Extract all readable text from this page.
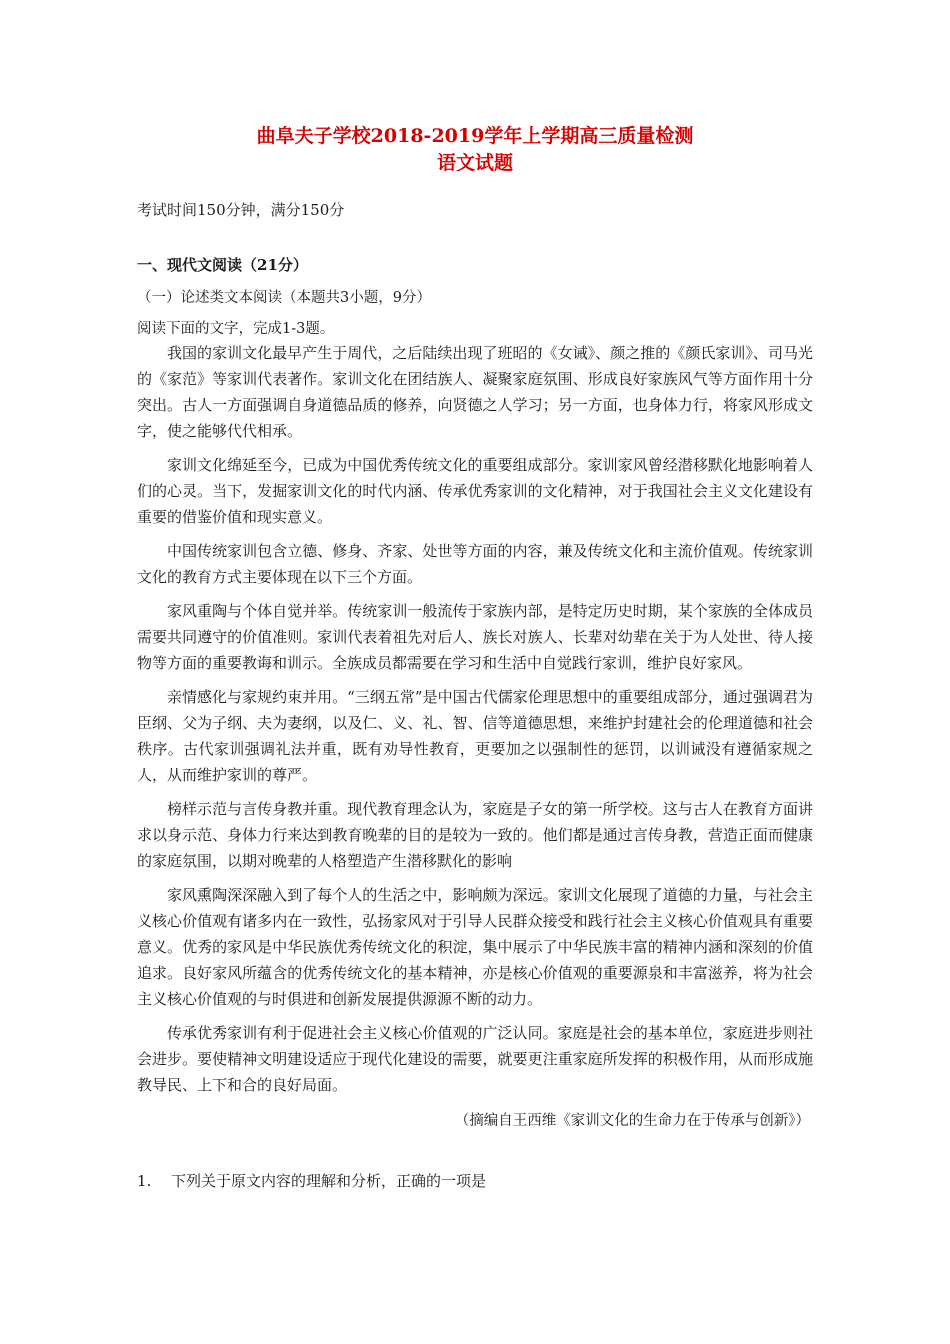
曲阜夫子学校2018-2019学年上学期高三质量检测
语文试题
考试时间150分钟，满分150分
一、现代文阅读（21分）
（一）论述类文本阅读（本题共3小题，9分）
阅读下面的文字，完成1-3题。

我国的家训文化最早产生于周代，之后陆续出现了班昭的《女诫》、颜之推的《颜氏家训》、司马光的《家范》等家训代表著作。家训文化在团结族人、凝聚家庭氛围、形成良好家族风气等方面作用十分突出。古人一方面强调自身道德品质的修养，向贤德之人学习；另一方面，也身体力行，将家风形成文字，使之能够代代相承。

家训文化绵延至今，已成为中国优秀传统文化的重要组成部分。家训家风曾经潜移默化地影响着人们的心灵。当下，发掘家训文化的时代内涵、传承优秀家训的文化精神，对于我国社会主义文化建设有重要的借鉴价值和现实意义。

中国传统家训包含立德、修身、齐家、处世等方面的内容，兼及传统文化和主流价值观。传统家训文化的教育方式主要体现在以下三个方面。

家风重陶与个体自觉并举。传统家训一般流传于家族内部，是特定历史时期，某个家族的全体成员需要共同遵守的价值准则。家训代表着祖先对后人、族长对族人、长辈对幼辈在关于为人处世、待人接物等方面的重要教诲和训示。全族成员都需要在学习和生活中自觉践行家训，维护良好家风。

亲情感化与家规约束并用。“三纲五常”是中国古代儒家伦理思想中的重要组成部分，通过强调君为臣纲、父为子纲、夫为妻纲，以及仁、义、礼、智、信等道德思想，来维护封建社会的伦理道德和社会秩序。古代家训强调礼法并重，既有劝导性教育，更要加之以强制性的惩罚，以训诫没有遵循家规之人，从而维护家训的尊严。

榜样示范与言传身教并重。现代教育理念认为，家庭是子女的第一所学校。这与古人在教育方面讲求以身示范、身体力行来达到教育晚辈的目的是较为一致的。他们都是通过言传身教，营造正面而健康的家庭氛围，以期对晚辈的人格塑造产生潜移默化的影响

家风熏陶深深融入到了每个人的生活之中，影响颇为深远。家训文化展现了道德的力量，与社会主义核心价值观有诸多内在一致性，弘扬家风对于引导人民群众接受和践行社会主义核心价值观具有重要意义。优秀的家风是中华民族优秀传统文化的积淀，集中展示了中华民族丰富的精神内涵和深刻的价值追求。良好家风所蕴含的优秀传统文化的基本精神，亦是核心价值观的重要源泉和丰富滋养，将为社会主义核心价值观的与时俱进和创新发展提供源源不断的动力。

传承优秀家训有利于促进社会主义核心价值观的广泛认同。家庭是社会的基本单位，家庭进步则社会进步。要使精神文明建设适应于现代化建设的需要，就要更注重家庭所发挥的积极作用，从而形成施教导民、上下和合的良好局面。

（摘编自王西维《家训文化的生命力在于传承与创新》）
1. 下列关于原文内容的理解和分析，正确的一项是
